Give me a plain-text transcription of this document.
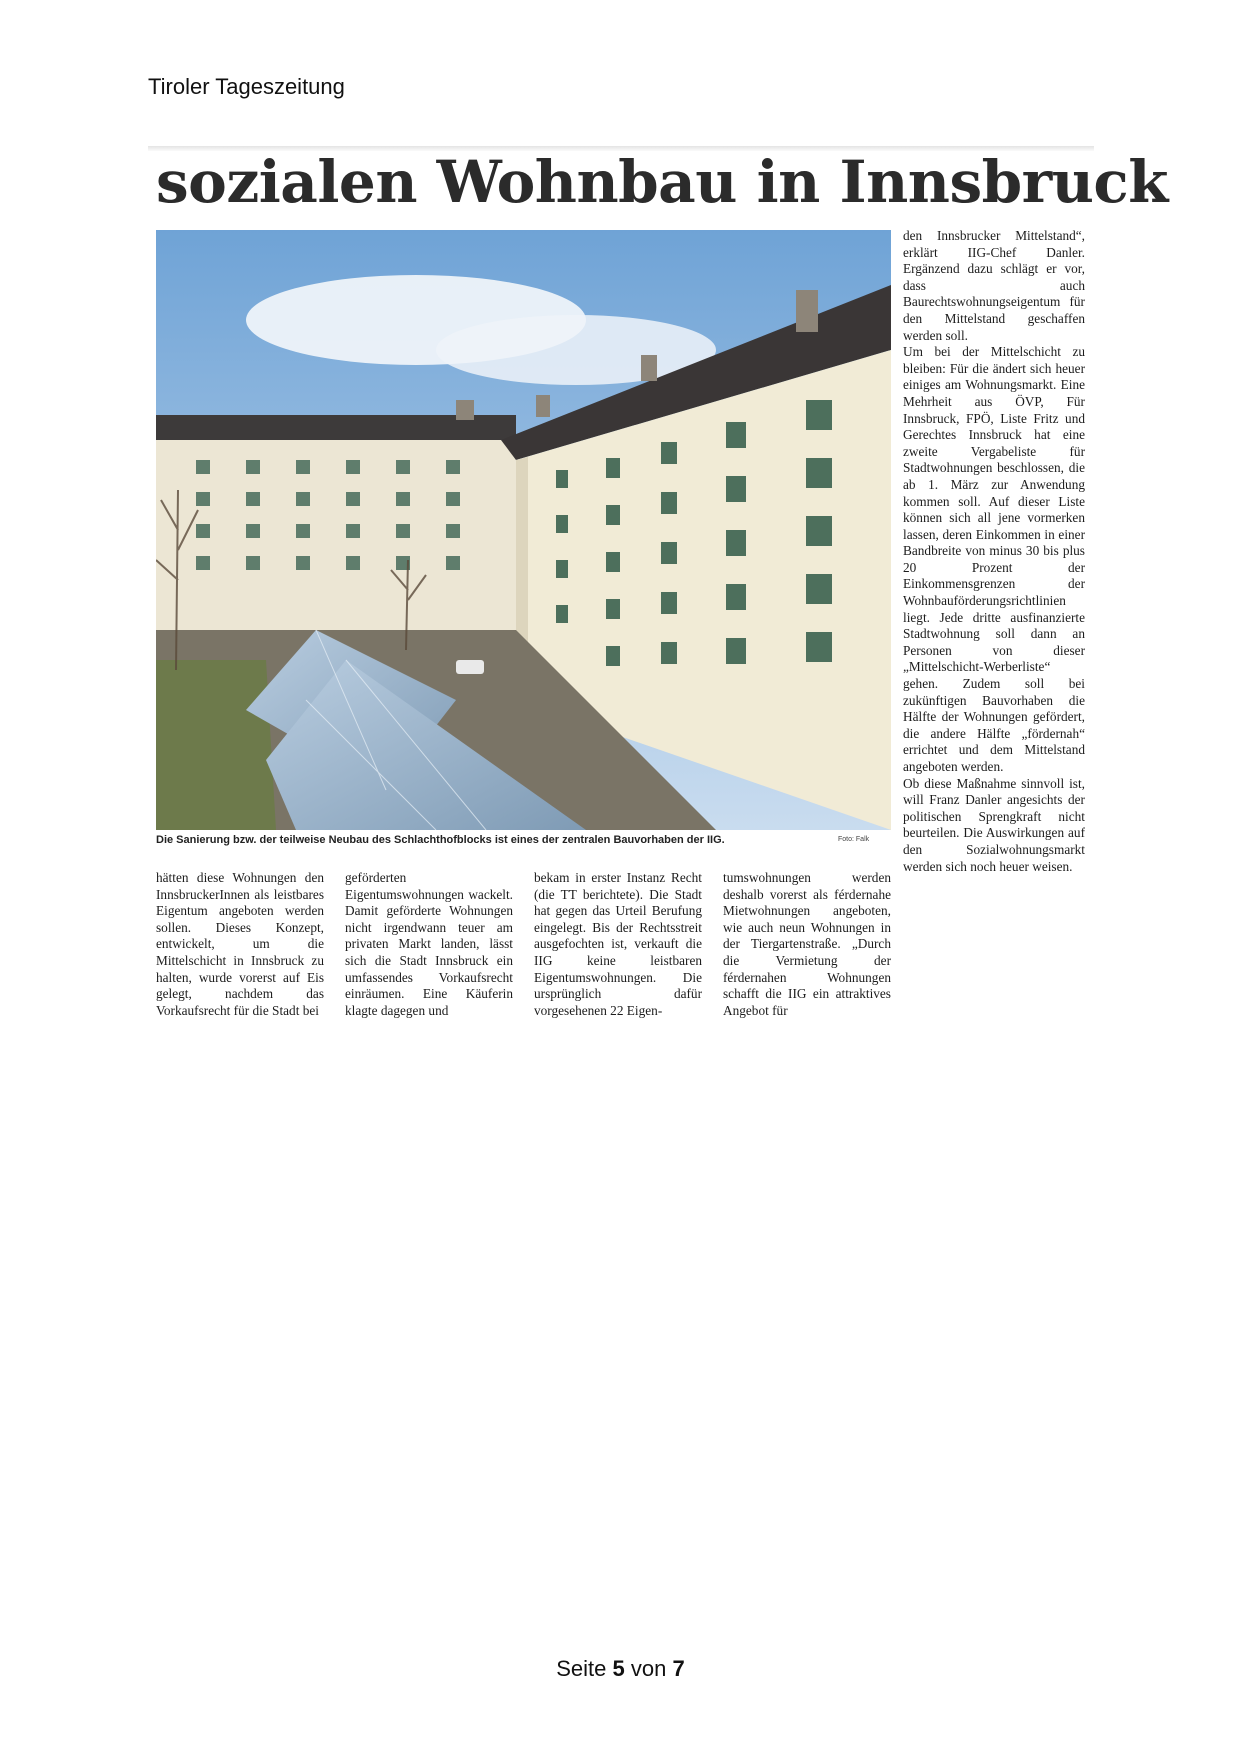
Tiroler Tageszeitung
sozialen Wohnbau in Innsbruck
Die Sanierung bzw. der teilweise Neubau des Schlachthofblocks ist eines der zentralen Bauvorhaben der IIG.	Foto: Falk
den Innsbrucker Mittelstand“, erklärt IIG-Chef Danler. Ergänzend dazu schlägt er vor, dass auch Baurechtswohnungseigentum für den Mittelstand geschaffen werden soll.
Um bei der Mittelschicht zu bleiben: Für die ändert sich heuer einiges am Wohnungsmarkt. Eine Mehrheit aus ÖVP, Für Innsbruck, FPÖ, Liste Fritz und Gerechtes Innsbruck hat eine zweite Vergabeliste für Stadtwohnungen beschlossen, die ab 1. März zur Anwendung kommen soll. Auf dieser Liste können sich all jene vormerken lassen, deren Einkommen in einer Bandbreite von minus 30 bis plus 20 Prozent der Einkommensgrenzen der Wohnbauförderungsrichtlinien liegt. Jede dritte ausfinanzierte Stadtwohnung soll dann an Personen von dieser „Mittelschicht-Werberliste“ gehen. Zudem soll bei zukünftigen Bauvorhaben die Hälfte der Wohnungen gefördert, die andere Hälfte „fördernah“ errichtet und dem Mittelstand angeboten werden.
Ob diese Maßnahme sinnvoll ist, will Franz Danler angesichts der politischen Sprengkraft nicht beurteilen. Die Auswirkungen auf den Sozialwohnungsmarkt werden sich noch heuer weisen.
hätten diese Wohnungen den InnsbruckerInnen als leistbares Eigentum angeboten werden sollen. Dieses Konzept, entwickelt, um die Mittelschicht in Innsbruck zu halten, wurde vorerst auf Eis gelegt, nachdem das Vorkaufsrecht für die Stadt bei
geförderten Eigentumswohnungen wackelt. Damit geförderte Wohnungen nicht irgendwann teuer am privaten Markt landen, lässt sich die Stadt Innsbruck ein umfassendes Vorkaufsrecht einräumen. Eine Käuferin klagte dagegen und
bekam in erster Instanz Recht (die TT berichtete). Die Stadt hat gegen das Urteil Berufung eingelegt. Bis der Rechtsstreit ausgefochten ist, verkauft die IIG keine leistbaren Eigentumswohnungen. Die ursprünglich dafür vorgesehenen 22 Eigen-
tumswohnungen werden deshalb vorerst als férdernahe Mietwohnungen angeboten, wie auch neun Wohnungen in der Tiergartenstraße. „Durch die Vermietung der férdernahen Wohnungen schafft die IIG ein attraktives Angebot für
Seite 5 von 7
